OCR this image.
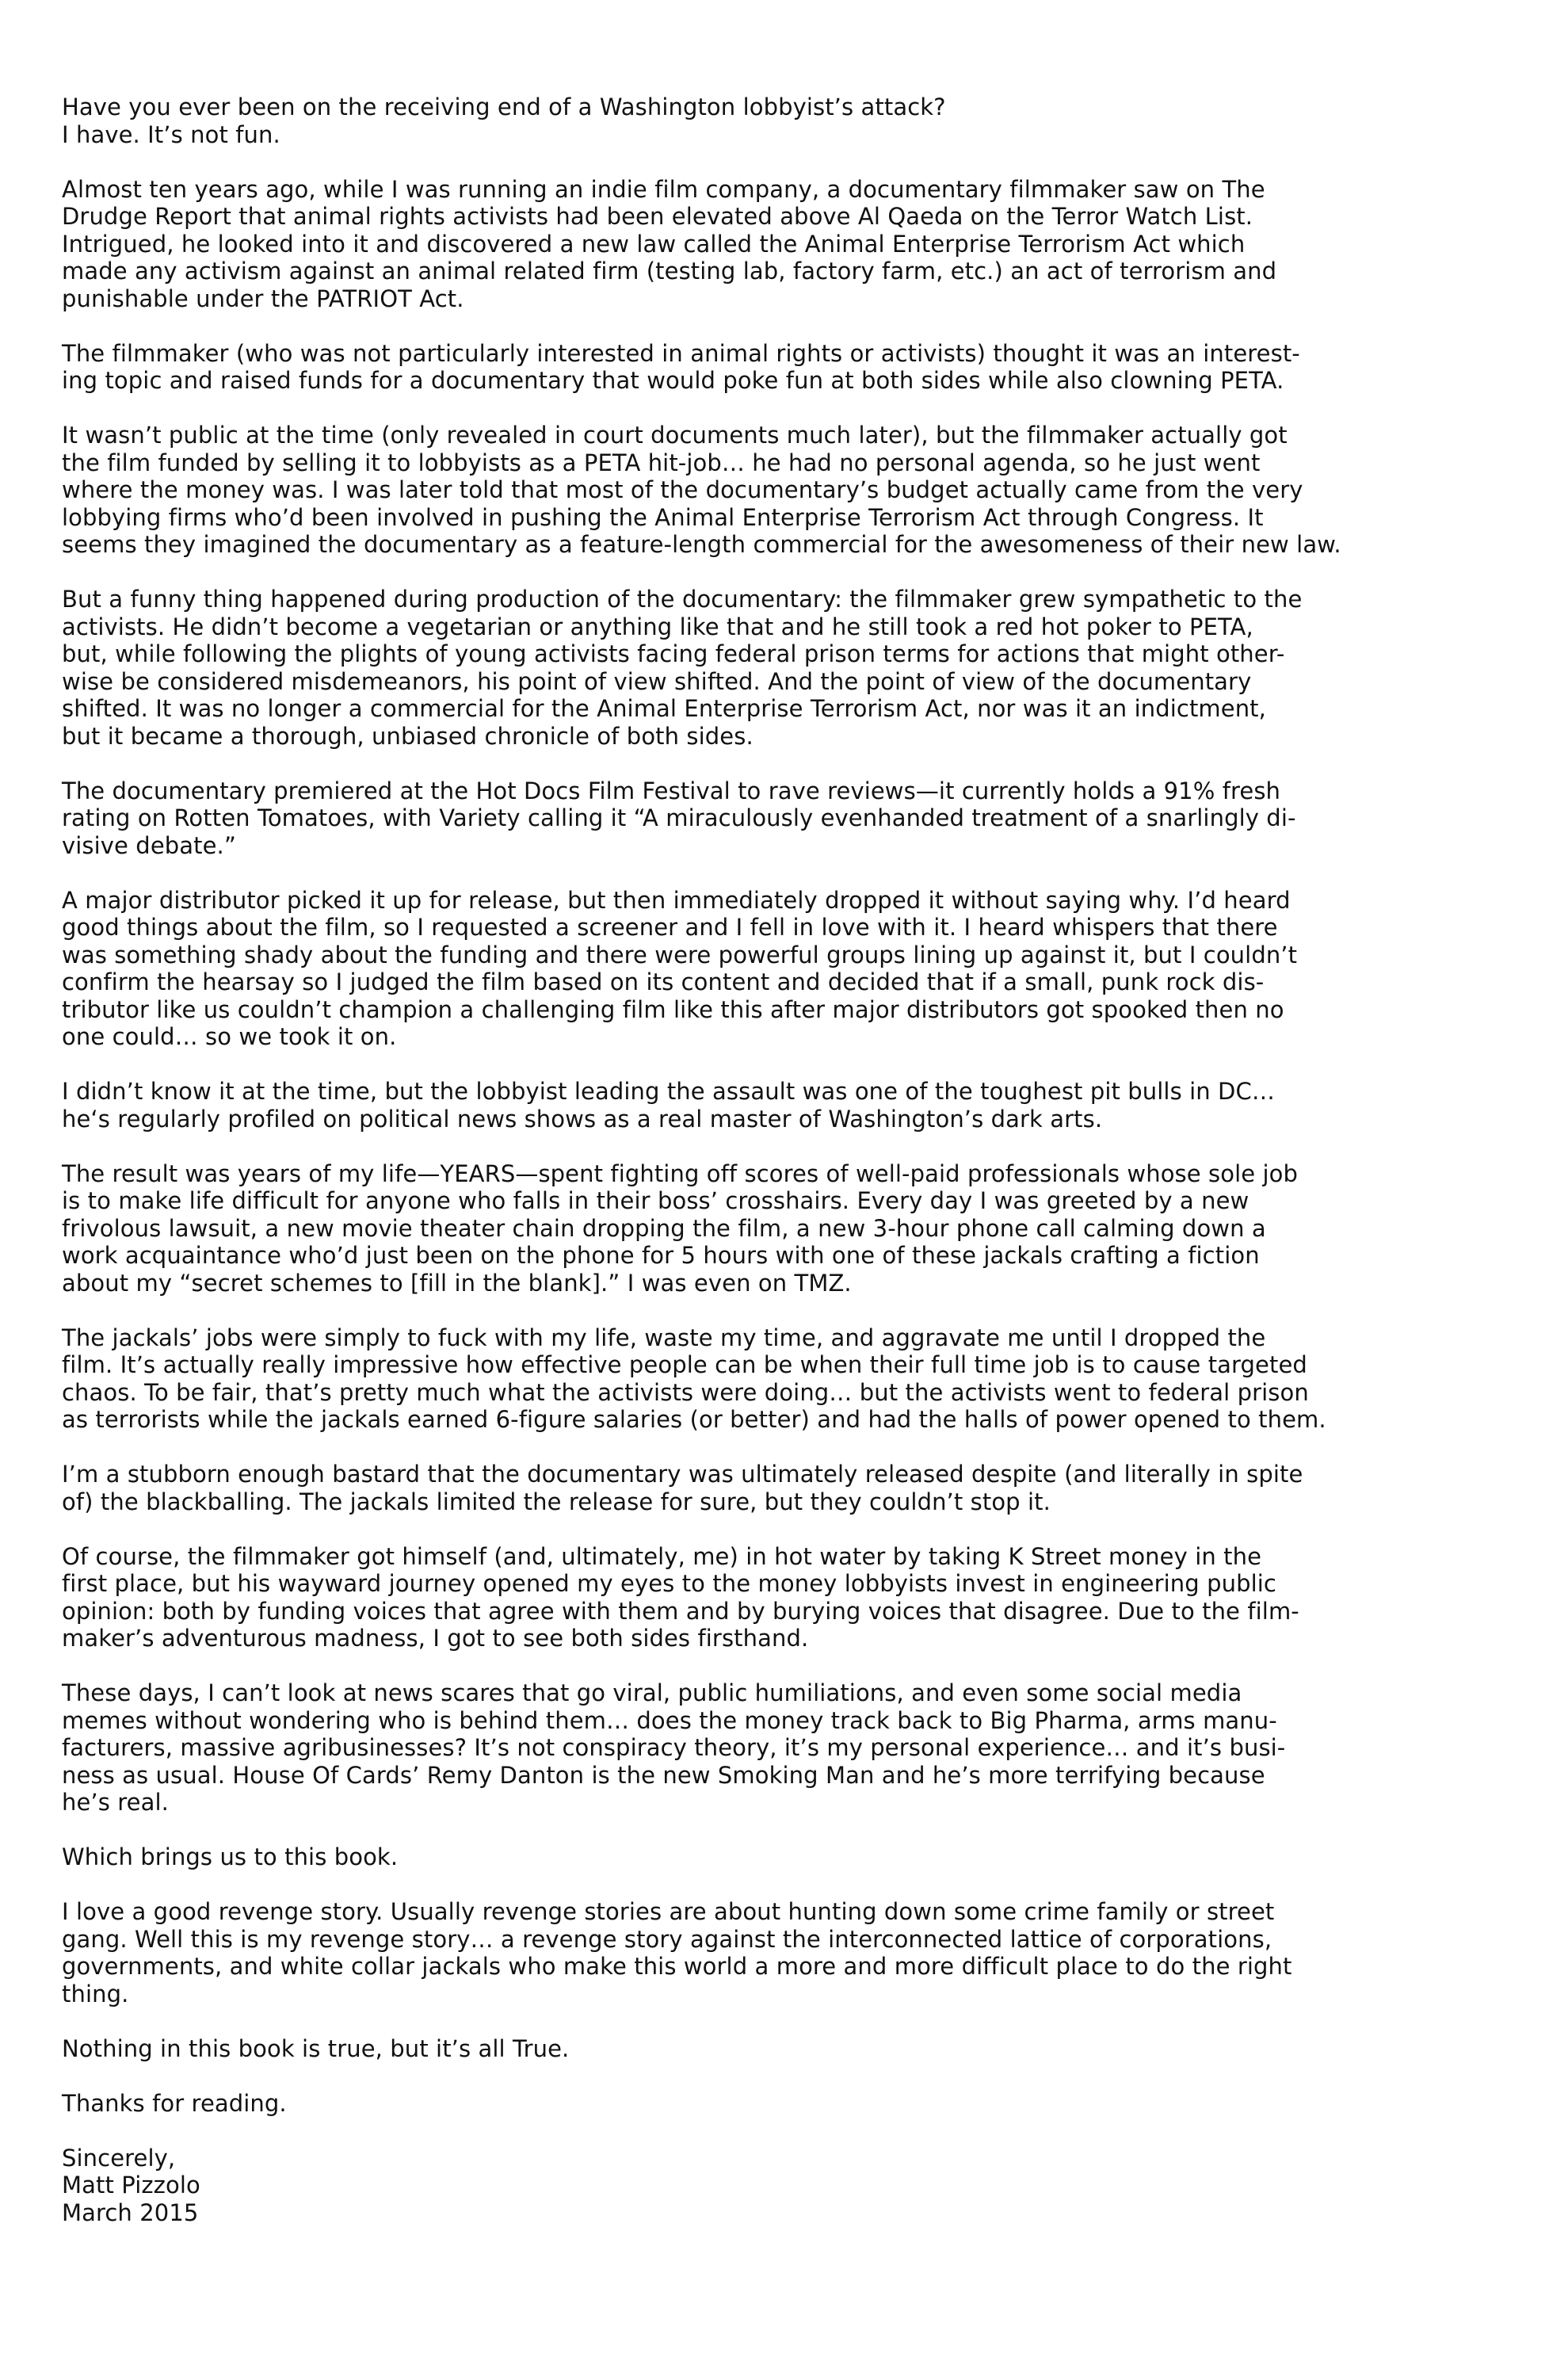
Have you ever been on the receiving end of a Washington lobbyist’s attack?
I have. It’s not fun.

Almost ten years ago, while I was running an indie film company, a documentary filmmaker saw on The
Drudge Report that animal rights activists had been elevated above Al Qaeda on the Terror Watch List.
Intrigued, he looked into it and discovered a new law called the Animal Enterprise Terrorism Act which
made any activism against an animal related firm (testing lab, factory farm, etc.) an act of terrorism and
punishable under the PATRIOT Act.

The filmmaker (who was not particularly interested in animal rights or activists) thought it was an interest-
ing topic and raised funds for a documentary that would poke fun at both sides while also clowning PETA.

It wasn’t public at the time (only revealed in court documents much later), but the filmmaker actually got
the film funded by selling it to lobbyists as a PETA hit-job… he had no personal agenda, so he just went
where the money was. I was later told that most of the documentary’s budget actually came from the very
lobbying firms who’d been involved in pushing the Animal Enterprise Terrorism Act through Congress. It
seems they imagined the documentary as a feature-length commercial for the awesomeness of their new law.

But a funny thing happened during production of the documentary: the filmmaker grew sympathetic to the
activists. He didn’t become a vegetarian or anything like that and he still took a red hot poker to PETA,
but, while following the plights of young activists facing federal prison terms for actions that might other-
wise be considered misdemeanors, his point of view shifted. And the point of view of the documentary
shifted. It was no longer a commercial for the Animal Enterprise Terrorism Act, nor was it an indictment,
but it became a thorough, unbiased chronicle of both sides.

The documentary premiered at the Hot Docs Film Festival to rave reviews—it currently holds a 91% fresh
rating on Rotten Tomatoes, with Variety calling it “A miraculously evenhanded treatment of a snarlingly di-
visive debate.”

A major distributor picked it up for release, but then immediately dropped it without saying why. I’d heard
good things about the film, so I requested a screener and I fell in love with it. I heard whispers that there
was something shady about the funding and there were powerful groups lining up against it, but I couldn’t
confirm the hearsay so I judged the film based on its content and decided that if a small, punk rock dis-
tributor like us couldn’t champion a challenging film like this after major distributors got spooked then no
one could… so we took it on.

I didn’t know it at the time, but the lobbyist leading the assault was one of the toughest pit bulls in DC…
he‘s regularly profiled on political news shows as a real master of Washington’s dark arts.

The result was years of my life—YEARS—spent fighting off scores of well-paid professionals whose sole job
is to make life difficult for anyone who falls in their boss’ crosshairs. Every day I was greeted by a new
frivolous lawsuit, a new movie theater chain dropping the film, a new 3-hour phone call calming down a
work acquaintance who’d just been on the phone for 5 hours with one of these jackals crafting a fiction
about my “secret schemes to [fill in the blank].” I was even on TMZ.

The jackals’ jobs were simply to fuck with my life, waste my time, and aggravate me until I dropped the
film. It’s actually really impressive how effective people can be when their full time job is to cause targeted
chaos. To be fair, that’s pretty much what the activists were doing… but the activists went to federal prison
as terrorists while the jackals earned 6-figure salaries (or better) and had the halls of power opened to them.

I’m a stubborn enough bastard that the documentary was ultimately released despite (and literally in spite
of) the blackballing. The jackals limited the release for sure, but they couldn’t stop it.

Of course, the filmmaker got himself (and, ultimately, me) in hot water by taking K Street money in the
first place, but his wayward journey opened my eyes to the money lobbyists invest in engineering public
opinion: both by funding voices that agree with them and by burying voices that disagree. Due to the film-
maker’s adventurous madness, I got to see both sides firsthand.

These days, I can’t look at news scares that go viral, public humiliations, and even some social media
memes without wondering who is behind them… does the money track back to Big Pharma, arms manu-
facturers, massive agribusinesses? It’s not conspiracy theory, it’s my personal experience… and it’s busi-
ness as usual. House Of Cards’ Remy Danton is the new Smoking Man and he’s more terrifying because
he’s real.

Which brings us to this book.

I love a good revenge story. Usually revenge stories are about hunting down some crime family or street
gang. Well this is my revenge story… a revenge story against the interconnected lattice of corporations,
governments, and white collar jackals who make this world a more and more difficult place to do the right
thing.

Nothing in this book is true, but it’s all True.

Thanks for reading.

Sincerely,
Matt Pizzolo
March 2015
